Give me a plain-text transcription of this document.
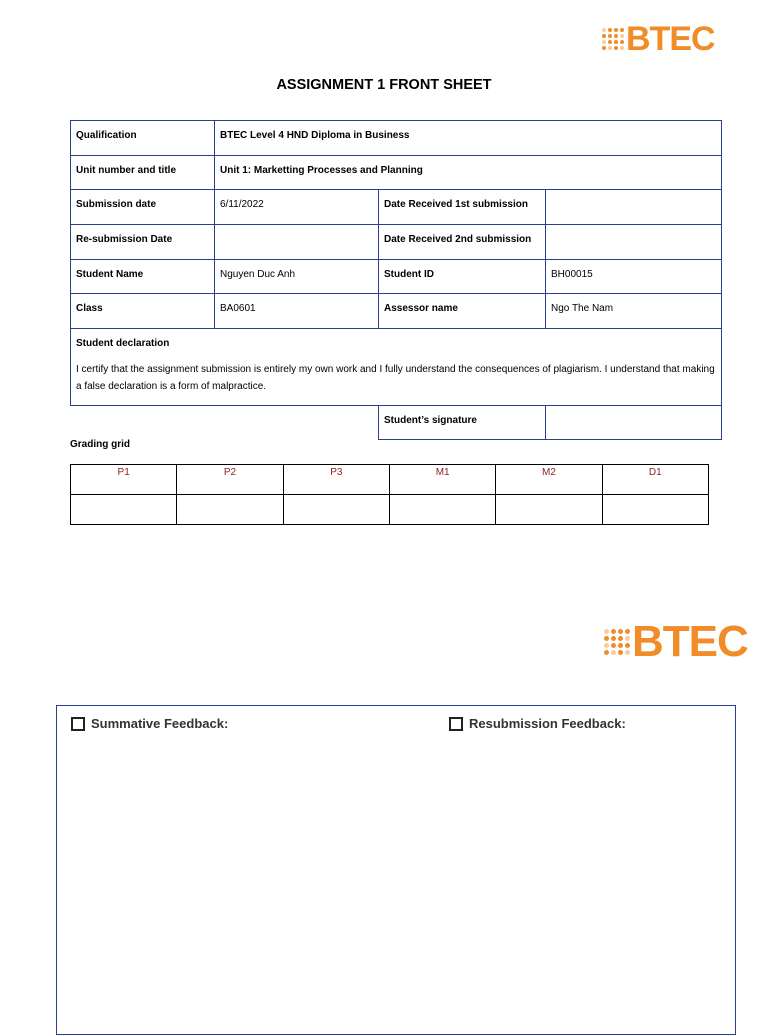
BTEC
ASSIGNMENT 1 FRONT SHEET
Qualification	BTEC Level 4 HND Diploma in Business		
Unit number and title	Unit 1: Marketting Processes and Planning		
Submission date	6/11/2022	Date Received 1st submission	
Re-submission Date		Date Received 2nd submission	
Student Name	Nguyen Duc Anh	Student ID	BH00015
Class	BA0601	Assessor name	Ngo The Nam

Student declaration
I certify that the assignment submission is entirely my own work and I fully understand the consequences of plagiarism. I understand that making a false declaration is a form of malpractice.			

		Student’s signature	
Grading grid
P1	P2	P3	M1	M2	D1

BTEC
Summative Feedback:	Resubmission Feedback:
